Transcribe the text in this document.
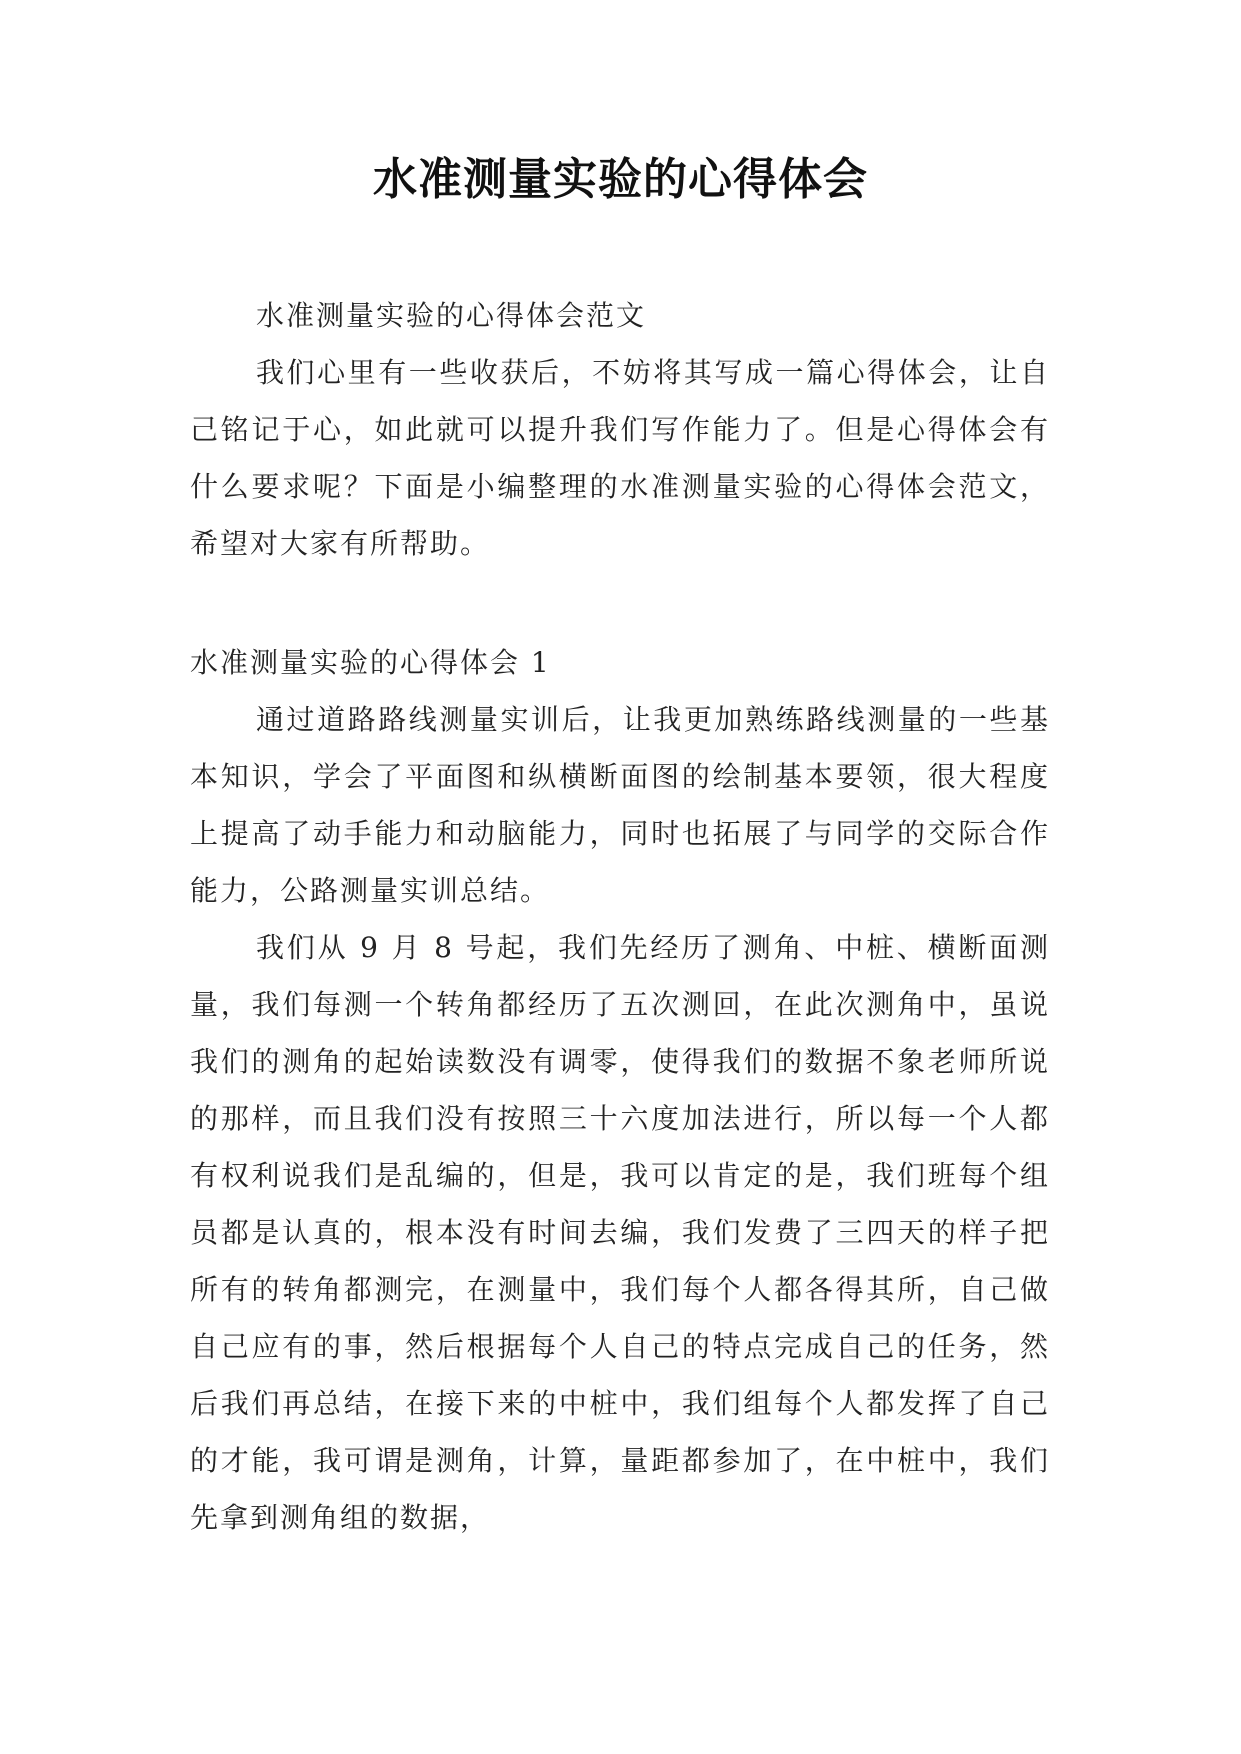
水准测量实验的心得体会

水准测量实验的心得体会范文

我们心里有一些收获后，不妨将其写成一篇心得体会，让自己铭记于心，如此就可以提升我们写作能力了。但是心得体会有什么要求呢？下面是小编整理的水准测量实验的心得体会范文，希望对大家有所帮助。

水准测量实验的心得体会 1

通过道路路线测量实训后，让我更加熟练路线测量的一些基本知识，学会了平面图和纵横断面图的绘制基本要领，很大程度上提高了动手能力和动脑能力，同时也拓展了与同学的交际合作能力，公路测量实训总结。

我们从 9 月 8 号起，我们先经历了测角、中桩、横断面测量，我们每测一个转角都经历了五次测回，在此次测角中，虽说我们的测角的起始读数没有调零，使得我们的数据不象老师所说的那样，而且我们没有按照三十六度加法进行，所以每一个人都有权利说我们是乱编的，但是，我可以肯定的是，我们班每个组员都是认真的，根本没有时间去编，我们发费了三四天的样子把所有的转角都测完，在测量中，我们每个人都各得其所，自己做自己应有的事，然后根据每个人自己的特点完成自己的任务，然后我们再总结，在接下来的中桩中，我们组每个人都发挥了自己的才能，我可谓是测角，计算，量距都参加了，在中桩中，我们先拿到测角组的数据，
